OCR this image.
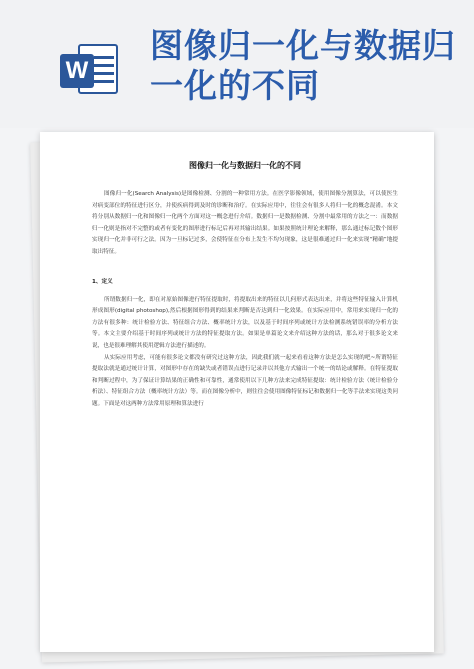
W
图像归一化与数据归一化的不同
图像归一化与数据归一化的不同

图像归一化(Search Analysis)是图像检测、分割的一种常用方法。在医学影像领域，使用图像分割算法，可以使医生对病变部位的特征进行区分，并使疾病得到及时的诊断和治疗。在实际应用中，往往会有很多人将归一化的概念混淆。本文将分别从数据归一化和图像归一化两个方面对这一概念进行介绍。数据归一是数据检测、分割中最常用的方法之一：而数据归一化则是指对不完整的或者有变化的图形进行标记后再对其输出结果。如果按照统计理论来解释，那么通过标记数个图形实现归一化并非可行之法。因为一旦标记过多，会使特征在分布上发生不均匀现象，这是很难通过归一化来实现“精确”地提取出特征。

1、定义

所谓数据归一化，即在对原始图像进行特征提取时，将提取出来的特征以几何形式表达出来，并将这些特征输入计算机形成图形(digital photoshop),然后根据图形得到的结果来判断是否达到归一化效果。在实际应用中，常用来实现归一化的方法有很多种：统计检验方法、特征组合方法、概率统计方法，以及基于时间序列或统计方法检测系统错误率的分析方法等。本文主要介绍基于时间序列或统计方法的特征提取方法。如果是单篇论文来介绍这种方法的话，那么对于很多论文来说，也是很难理解其使用逻辑方法进行描述的。

从实际应用考虑，可能有很多论文都没有研究过这种方法，因此我们就一起来看看这种方法是怎么实现的吧~所谓特征提取法就是通过统计计算，对图形中存在的缺失或者错误点进行记录并以其他方式输出一个统一的结论或解释。在特征提取和判断过程中，为了保证计算结果的正确性和可靠性，通常使用以下几种方法来完成特征提取：统计检验方法（统计检验分析法）、特征组合方法（概率统计方法）等。而在图像分析中，则往往会使用图像特征标记和数据归一化等手法来实现这类问题。下面是对这两种方法常用原理和算法进行
